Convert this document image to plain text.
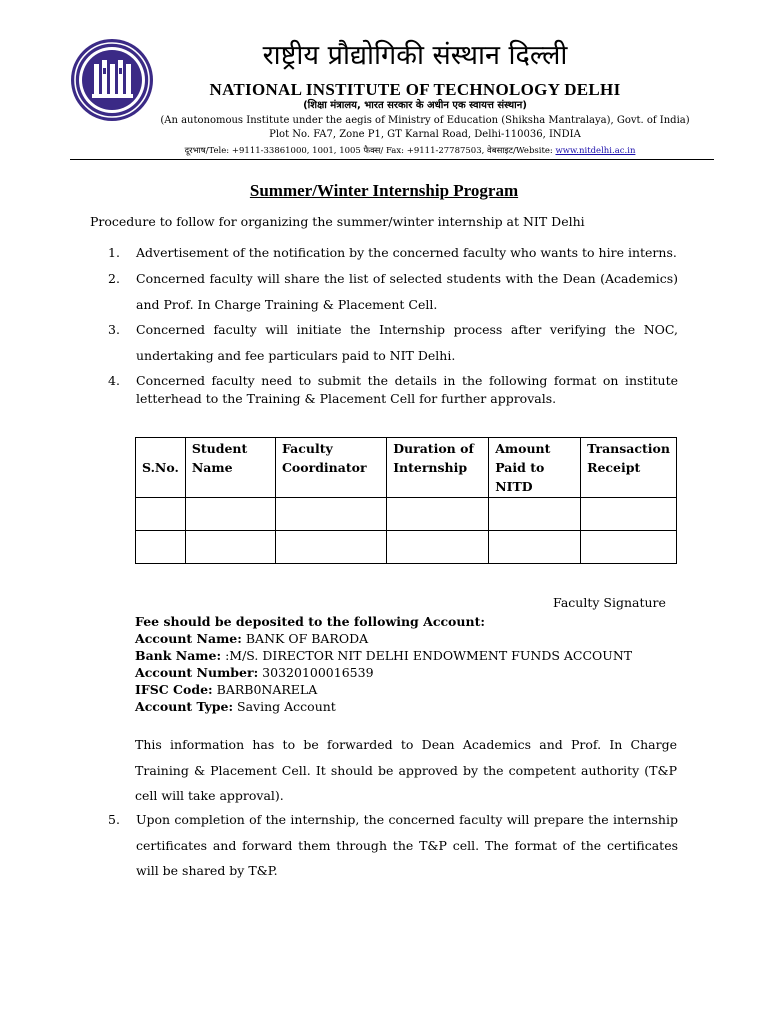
राष्ट्रीय प्रौद्योगिकी संस्थान दिल्ली
NATIONAL INSTITUTE OF TECHNOLOGY DELHI
(शिक्षा मंत्रालय, भारत सरकार के अधीन एक स्वायत्त संस्थान)
(An autonomous Institute under the aegis of Ministry of Education (Shiksha Mantralaya), Govt. of India)
Plot No. FA7, Zone P1, GT Karnal Road, Delhi-110036, INDIA
दूरभाष/Tele: +9111-33861000, 1001, 1005 फैक्स/ Fax: +9111-27787503, वेबसाइट/Website: www.nitdelhi.ac.in
Summer/Winter Internship Program
Procedure to follow for organizing the summer/winter internship at NIT Delhi
1.	Advertisement of the notification by the concerned faculty who wants to hire interns.
2.	Concerned faculty will share the list of selected students with the Dean (Academics) and Prof. In Charge Training & Placement Cell.
3.	Concerned faculty will initiate the Internship process after verifying the NOC, undertaking and fee particulars paid to NIT Delhi.
4.	Concerned faculty need to submit the details in the following format on institute letterhead to the Training & Placement Cell for further approvals.
S.No.	Student Name	Faculty Coordinator	Duration of Internship	Amount Paid to NITD	Transaction Receipt

Faculty Signature
Fee should be deposited to the following Account:
Account Name: BANK OF BARODA
Bank Name: :M/S. DIRECTOR NIT DELHI ENDOWMENT FUNDS ACCOUNT
Account Number: 30320100016539
IFSC Code: BARB0NARELA
Account Type: Saving Account
This information has to be forwarded to Dean Academics and Prof. In Charge Training & Placement Cell. It should be approved by the competent authority (T&P cell will take approval).
5.	Upon completion of the internship, the concerned faculty will prepare the internship certificates and forward them through the T&P cell. The format of the certificates will be shared by T&P.
